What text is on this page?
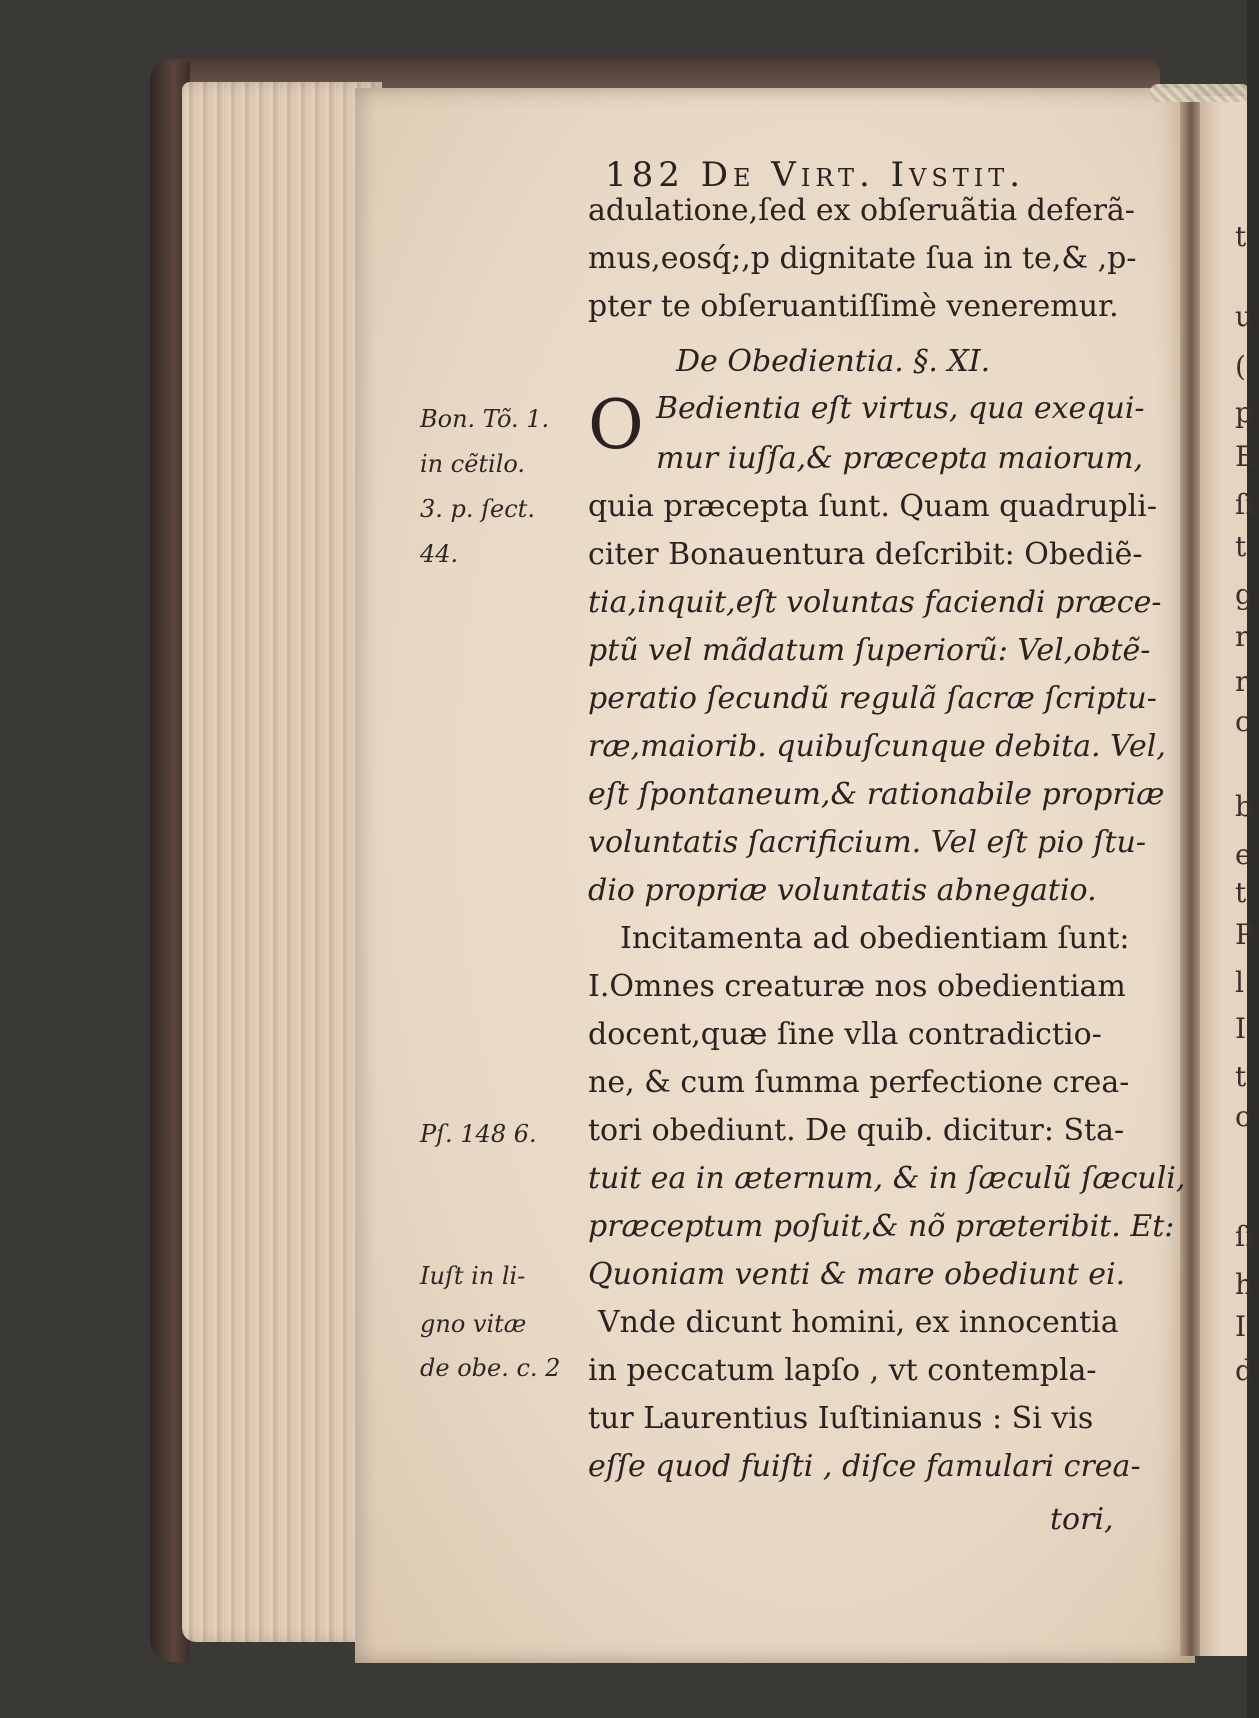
182 De Virt. Ivstit.
adulatione,ſed ex obſeruãtia deferã-
mus,eosq́;,p dignitate ſua in te,& ,p-
pter te obſeruantiſſimè veneremur.
De Obedientia. §. XI.
O Bedientia eſt virtus, qua exequi-
mur iuſſa,& præcepta maiorum,
quia præcepta ſunt. Quam quadrupli-
citer Bonauentura deſcribit: Obediẽ-
tia,inquit,eſt voluntas faciendi præce-
ptũ vel mãdatum ſuperiorũ: Vel,obtẽ-
peratio ſecundũ regulã ſacræ ſcriptu-
ræ,maiorib. quibuſcunque debita. Vel,
eſt ſpontaneum,& rationabile propriæ
voluntatis ſacrificium. Vel eſt pio ſtu-
dio propriæ voluntatis abnegatio.
Incitamenta ad obedientiam ſunt:
I.Omnes creaturæ nos obedientiam
docent,quæ ſine vlla contradictio-
ne, & cum ſumma perfectione crea-
tori obediunt. De quib. dicitur: Sta-
tuit ea in æternum, & in ſæculũ ſæculi,
præceptum poſuit,& nõ præteribit. Et:
Quoniam venti & mare obediunt ei.
Vnde dicunt homini, ex innocentia
in peccatum lapſo , vt contempla-
tur Laurentius Iuſtinianus : Si vis
eſſe quod fuiſti , diſce famulari crea-
tori,
Bon. Tõ. 1.
in cẽtilo.
3. p. ſect.
44.
Pſ. 148 6.
Iuſt in li-
gno vitæ
de obe. c. 2
t
u
(
p
E
ſi
t
g
r
r
c
b
e
t
P
l
I
t
o
ſi
h
I
d
